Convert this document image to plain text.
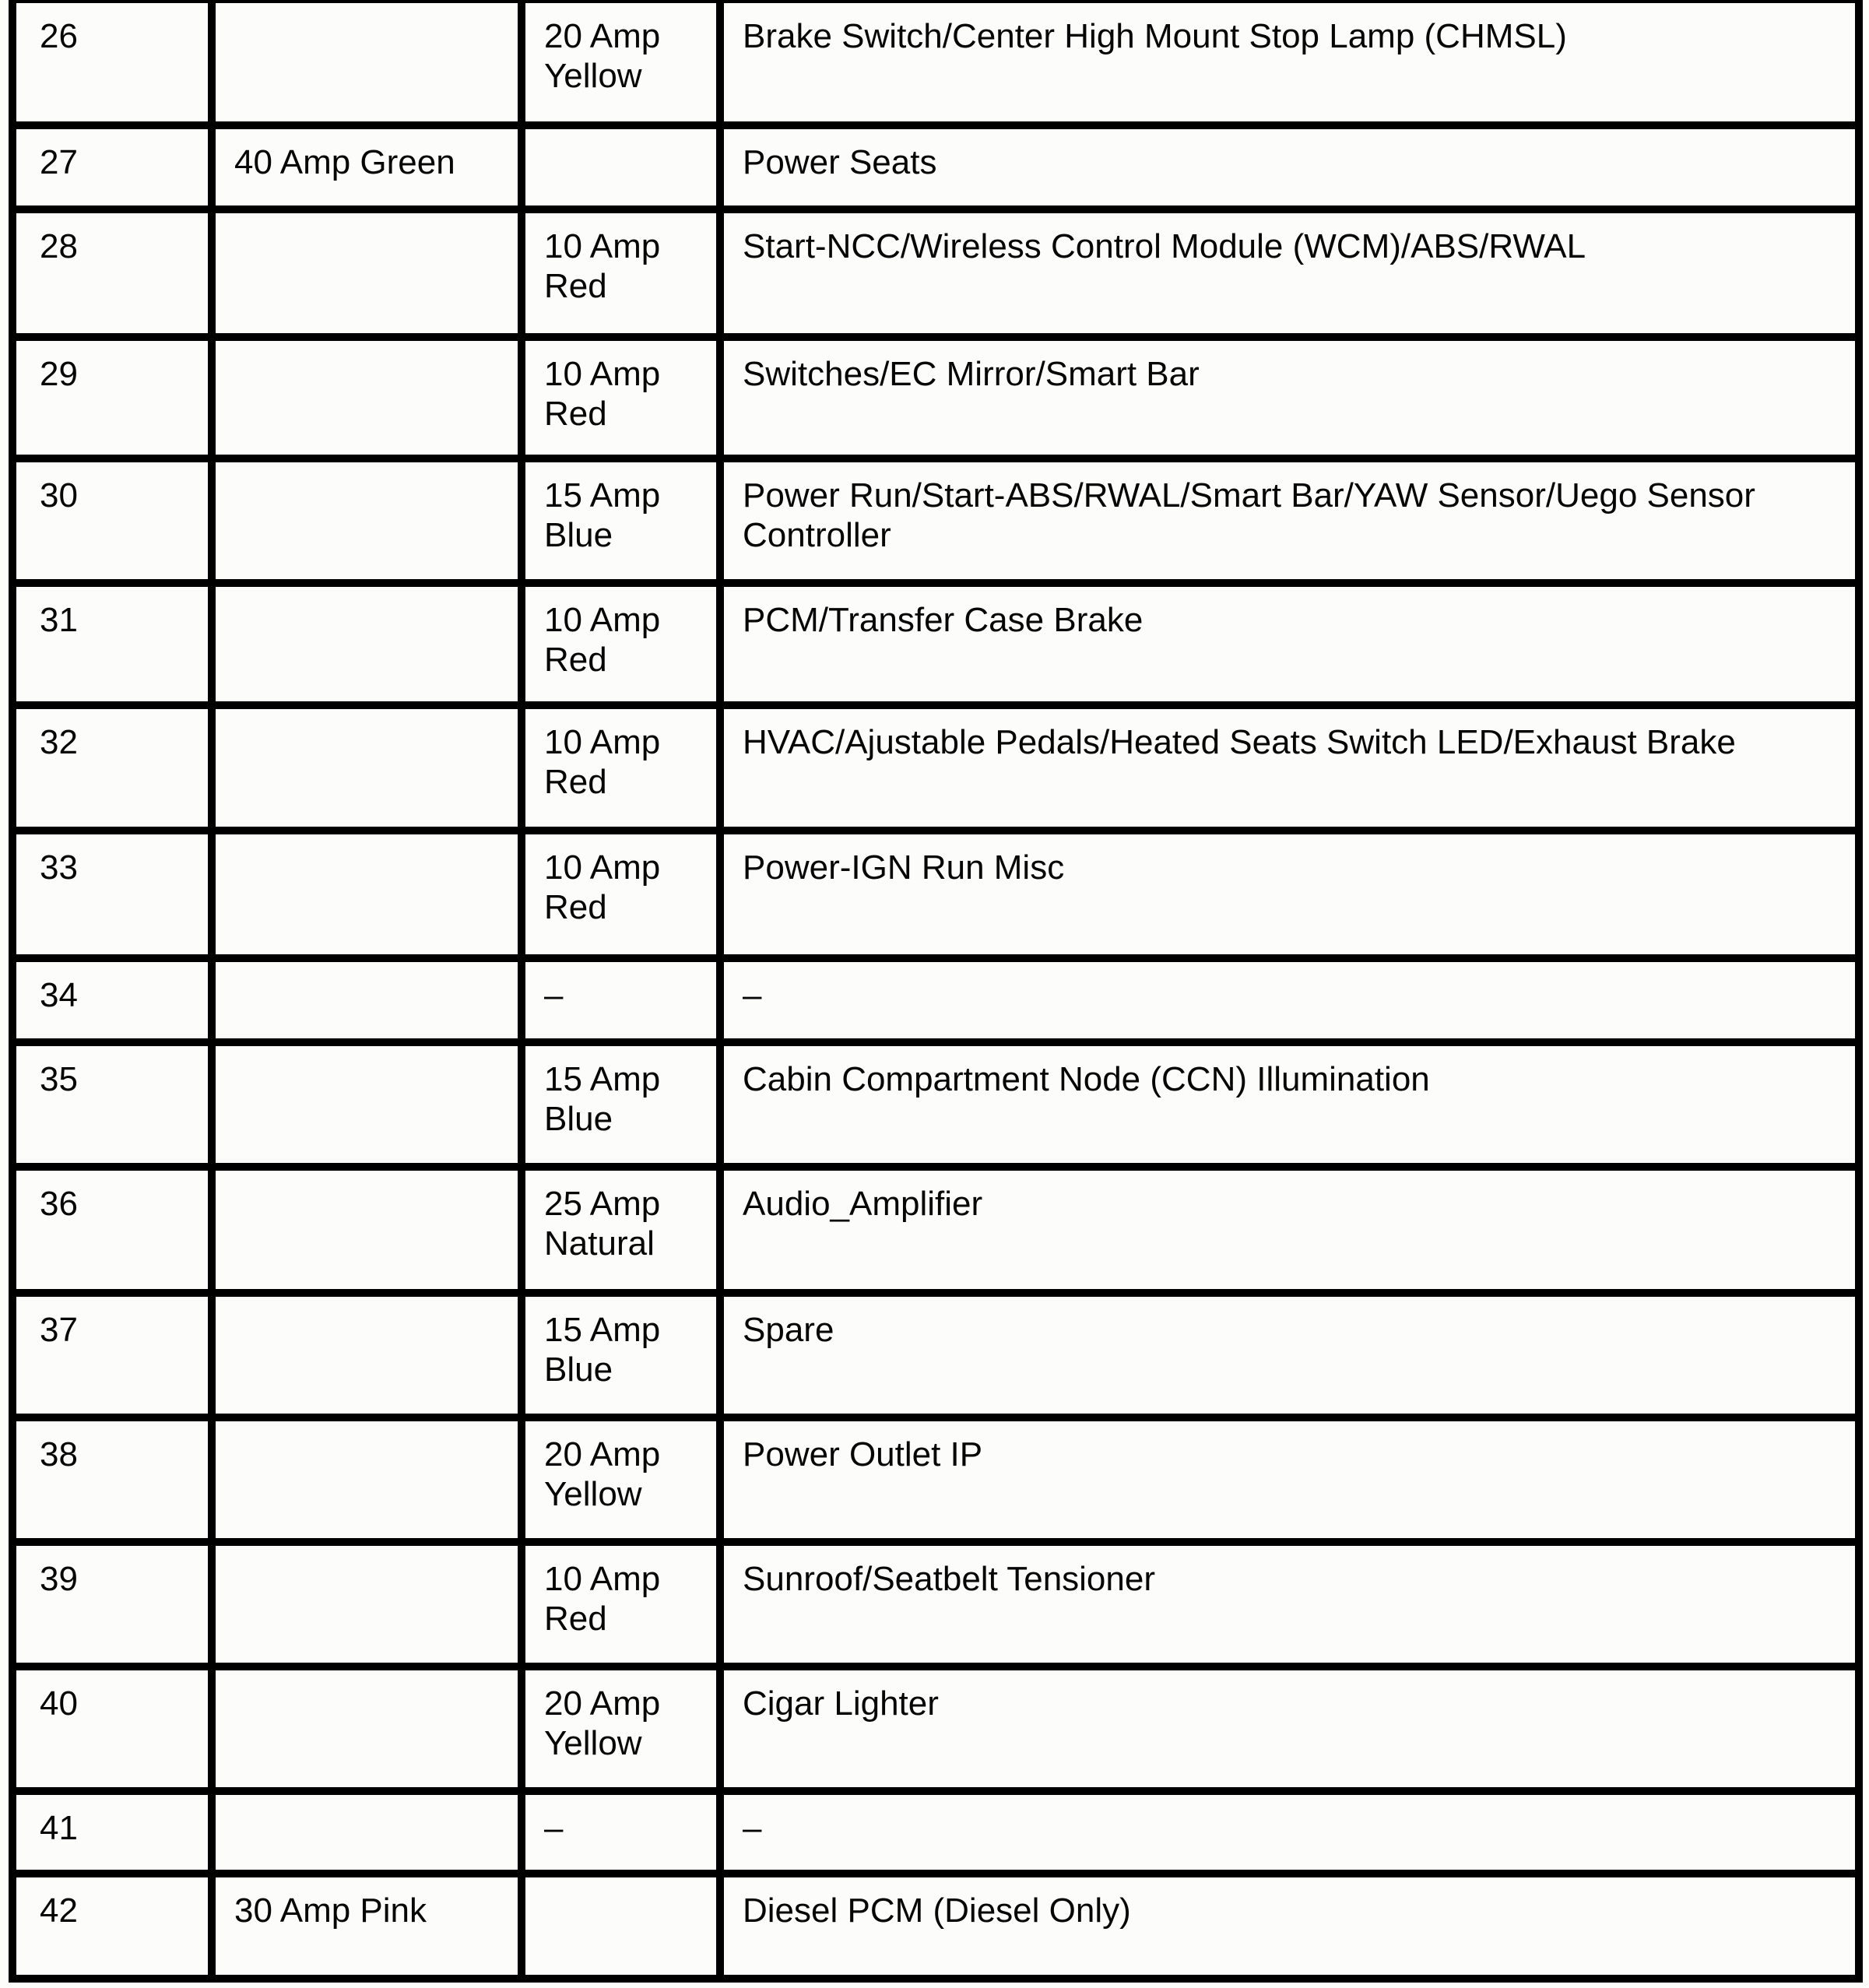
26		20 Amp Yellow	Brake Switch/Center High Mount Stop Lamp (CHMSL)
27	40 Amp Green		Power Seats
28		10 Amp Red	Start-NCC/Wireless Control Module (WCM)/ABS/RWAL
29		10 Amp Red	Switches/EC Mirror/Smart Bar
30		15 Amp Blue	Power Run/Start-ABS/RWAL/Smart Bar/YAW Sensor/Uego Sensor Controller
31		10 Amp Red	PCM/Transfer Case Brake
32		10 Amp Red	HVAC/Ajustable Pedals/Heated Seats Switch LED/Exhaust Brake
33		10 Amp Red	Power-IGN Run Misc
34		–	–
35		15 Amp Blue	Cabin Compartment Node (CCN) Illumination
36		25 Amp Natural	Audio_Amplifier
37		15 Amp Blue	Spare
38		20 Amp Yellow	Power Outlet IP
39		10 Amp Red	Sunroof/Seatbelt Tensioner
40		20 Amp Yellow	Cigar Lighter
41		–	–
42	30 Amp Pink		Diesel PCM (Diesel Only)
